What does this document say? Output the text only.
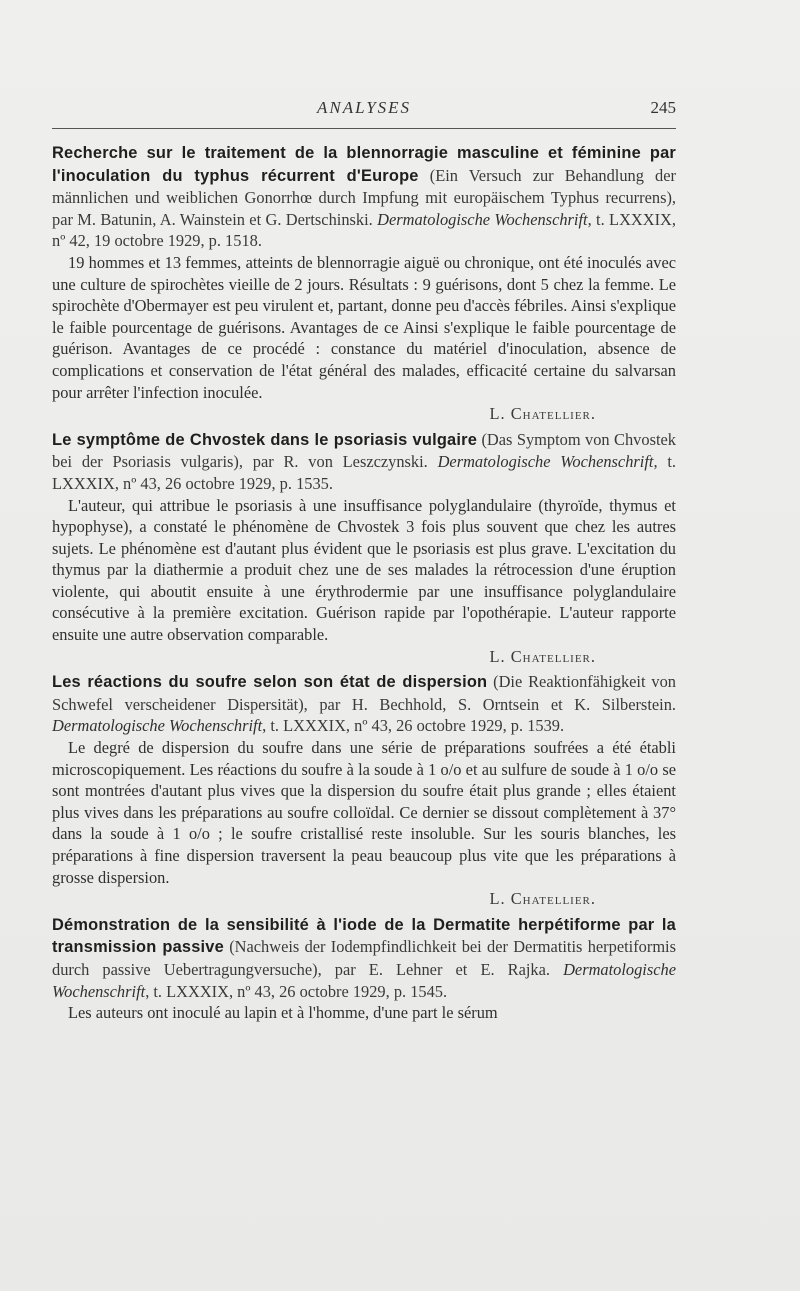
ANALYSES	245

Recherche sur le traitement de la blennorragie masculine et féminine par l'inoculation du typhus récurrent d'Europe (Ein Versuch zur Behandlung der männlichen und weiblichen Gonorrhœ durch Impfung mit europäischem Typhus recurrens), par M. Batunin, A. Wainstein et G. Dertschinski. Dermatologische Wochenschrift, t. LXXXIX, nº 42, 19 octobre 1929, p. 1518.

19 hommes et 13 femmes, atteints de blennorragie aiguë ou chronique, ont été inoculés avec une culture de spirochètes vieille de 2 jours. Résultats : 9 guérisons, dont 5 chez la femme. Le spirochète d'Obermayer est peu virulent et, partant, donne peu d'accès fébriles. Ainsi s'explique le faible pourcentage de guérisons. Avantages de ce Ainsi s'explique le faible pourcentage de guérison. Avantages de ce procédé : constance du matériel d'inoculation, absence de complications et conservation de l'état général des malades, efficacité certaine du salvarsan pour arrêter l'infection inoculée.

L. Chatellier.

Le symptôme de Chvostek dans le psoriasis vulgaire (Das Symptom von Chvostek bei der Psoriasis vulgaris), par R. von Leszczynski. Dermatologische Wochenschrift, t. LXXXIX, nº 43, 26 octobre 1929, p. 1535.

L'auteur, qui attribue le psoriasis à une insuffisance polyglandulaire (thyroïde, thymus et hypophyse), a constaté le phénomène de Chvostek 3 fois plus souvent que chez les autres sujets. Le phénomène est d'autant plus évident que le psoriasis est plus grave. L'excitation du thymus par la diathermie a produit chez une de ses malades la rétrocession d'une éruption violente, qui aboutit ensuite à une érythrodermie par une insuffisance polyglandulaire consécutive à la première excitation. Guérison rapide par l'opothérapie. L'auteur rapporte ensuite une autre observation comparable.

L. Chatellier.

Les réactions du soufre selon son état de dispersion (Die Reaktionfähigkeit von Schwefel verscheidener Dispersität), par H. Bechhold, S. Orntsein et K. Silberstein. Dermatologische Wochenschrift, t. LXXXIX, nº 43, 26 octobre 1929, p. 1539.

Le degré de dispersion du soufre dans une série de préparations soufrées a été établi microscopiquement. Les réactions du soufre à la soude à 1 o/o et au sulfure de soude à 1 o/o se sont montrées d'autant plus vives que la dispersion du soufre était plus grande ; elles étaient plus vives dans les préparations au soufre colloïdal. Ce dernier se dissout complètement à 37° dans la soude à 1 o/o ; le soufre cristallisé reste insoluble. Sur les souris blanches, les préparations à fine dispersion traversent la peau beaucoup plus vite que les préparations à grosse dispersion.

L. Chatellier.

Démonstration de la sensibilité à l'iode de la Dermatite herpétiforme par la transmission passive (Nachweis der Iodempfindlichkeit bei der Dermatitis herpetiformis durch passive Uebertragungversuche), par E. Lehner et E. Rajka. Dermatologische Wochenschrift, t. LXXXIX, nº 43, 26 octobre 1929, p. 1545.

Les auteurs ont inoculé au lapin et à l'homme, d'une part le sérum
